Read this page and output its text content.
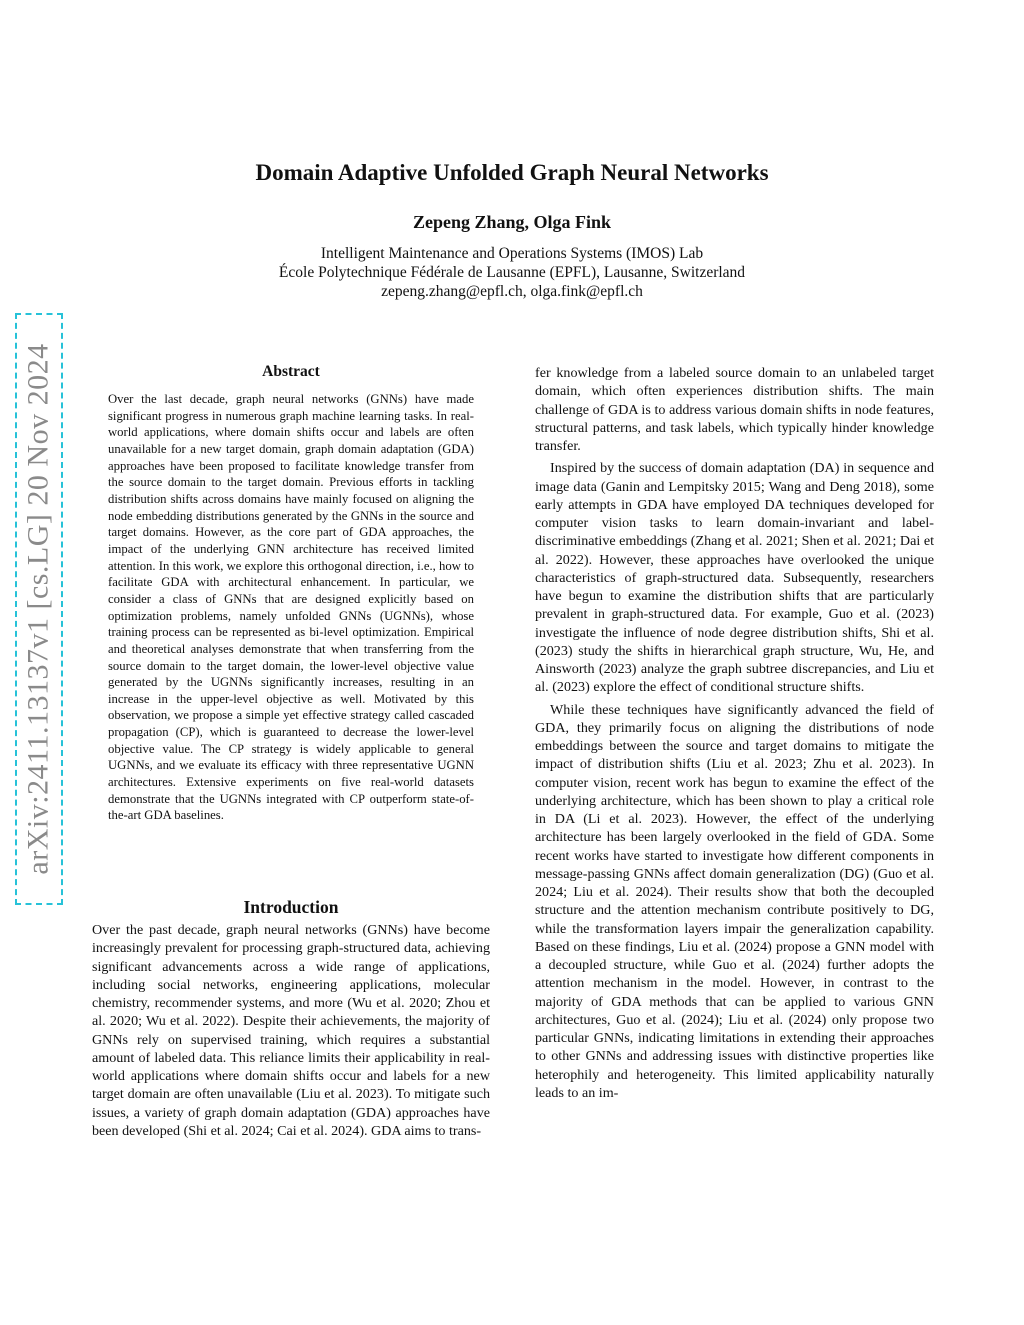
arXiv:2411.13137v1 [cs.LG] 20 Nov 2024
Domain Adaptive Unfolded Graph Neural Networks
Zepeng Zhang, Olga Fink
Intelligent Maintenance and Operations Systems (IMOS) Lab
École Polytechnique Fédérale de Lausanne (EPFL), Lausanne, Switzerland
zepeng.zhang@epfl.ch, olga.fink@epfl.ch
Abstract

Over the last decade, graph neural networks (GNNs) have made significant progress in numerous graph machine learning tasks. In real-world applications, where domain shifts occur and labels are often unavailable for a new target domain, graph domain adaptation (GDA) approaches have been proposed to facilitate knowledge transfer from the source domain to the target domain. Previous efforts in tackling distribution shifts across domains have mainly focused on aligning the node embedding distributions generated by the GNNs in the source and target domains. However, as the core part of GDA approaches, the impact of the underlying GNN architecture has received limited attention. In this work, we explore this orthogonal direction, i.e., how to facilitate GDA with architectural enhancement. In particular, we consider a class of GNNs that are designed explicitly based on optimization problems, namely unfolded GNNs (UGNNs), whose training process can be represented as bi-level optimization. Empirical and theoretical analyses demonstrate that when transferring from the source domain to the target domain, the lower-level objective value generated by the UGNNs significantly increases, resulting in an increase in the upper-level objective as well. Motivated by this observation, we propose a simple yet effective strategy called cascaded propagation (CP), which is guaranteed to decrease the lower-level objective value. The CP strategy is widely applicable to general UGNNs, and we evaluate its efficacy with three representative UGNN architectures. Extensive experiments on five real-world datasets demonstrate that the UGNNs integrated with CP outperform state-of-the-art GDA baselines.

Introduction

Over the past decade, graph neural networks (GNNs) have become increasingly prevalent for processing graph-structured data, achieving significant advancements across a wide range of applications, including social networks, engineering applications, molecular chemistry, recommender systems, and more (Wu et al. 2020; Zhou et al. 2020; Wu et al. 2022). Despite their achievements, the majority of GNNs rely on supervised training, which requires a substantial amount of labeled data. This reliance limits their applicability in real-world applications where domain shifts occur and labels for a new target domain are often unavailable (Liu et al. 2023). To mitigate such issues, a variety of graph domain adaptation (GDA) approaches have been developed (Shi et al. 2024; Cai et al. 2024). GDA aims to trans-

fer knowledge from a labeled source domain to an unlabeled target domain, which often experiences distribution shifts. The main challenge of GDA is to address various domain shifts in node features, structural patterns, and task labels, which typically hinder knowledge transfer.

Inspired by the success of domain adaptation (DA) in sequence and image data (Ganin and Lempitsky 2015; Wang and Deng 2018), some early attempts in GDA have employed DA techniques developed for computer vision tasks to learn domain-invariant and label-discriminative embeddings (Zhang et al. 2021; Shen et al. 2021; Dai et al. 2022). However, these approaches have overlooked the unique characteristics of graph-structured data. Subsequently, researchers have begun to examine the distribution shifts that are particularly prevalent in graph-structured data. For example, Guo et al. (2023) investigate the influence of node degree distribution shifts, Shi et al. (2023) study the shifts in hierarchical graph structure, Wu, He, and Ainsworth (2023) analyze the graph subtree discrepancies, and Liu et al. (2023) explore the effect of conditional structure shifts.

While these techniques have significantly advanced the field of GDA, they primarily focus on aligning the distributions of node embeddings between the source and target domains to mitigate the impact of distribution shifts (Liu et al. 2023; Zhu et al. 2023). In computer vision, recent work has begun to examine the effect of the underlying architecture, which has been shown to play a critical role in DA (Li et al. 2023). However, the effect of the underlying architecture has been largely overlooked in the field of GDA. Some recent works have started to investigate how different components in message-passing GNNs affect domain generalization (DG) (Guo et al. 2024; Liu et al. 2024). Their results show that both the decoupled structure and the attention mechanism contribute positively to DG, while the transformation layers impair the generalization capability. Based on these findings, Liu et al. (2024) propose a GNN model with a decoupled structure, while Guo et al. (2024) further adopts the attention mechanism in the model. However, in contrast to the majority of GDA methods that can be applied to various GNN architectures, Guo et al. (2024); Liu et al. (2024) only propose two particular GNNs, indicating limitations in extending their approaches to other GNNs and addressing issues with distinctive properties like heterophily and heterogeneity. This limited applicability naturally leads to an im-
